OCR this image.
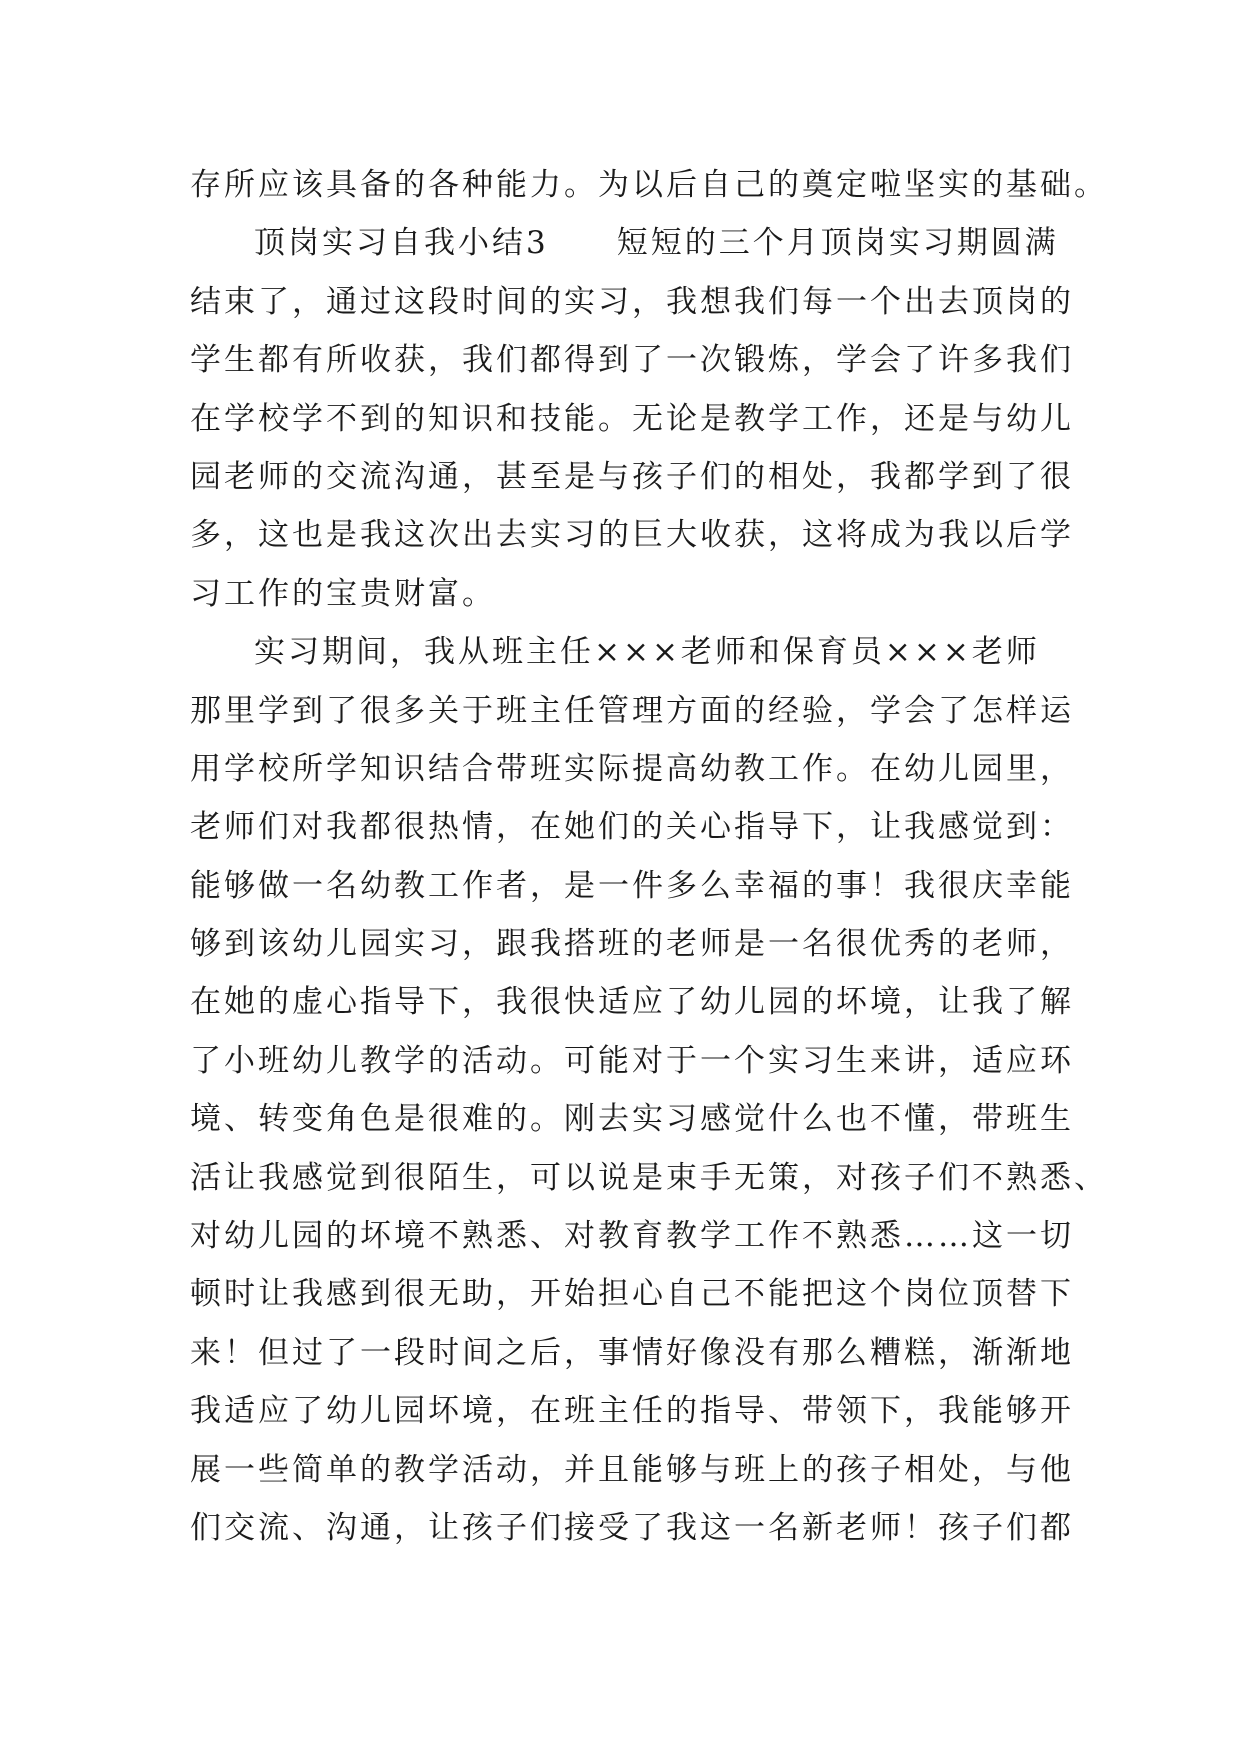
存所应该具备的各种能力。为以后自己的奠定啦坚实的基础。
顶岗实习自我小结3　　短短的三个月顶岗实习期圆满
结束了，通过这段时间的实习，我想我们每一个出去顶岗的
学生都有所收获，我们都得到了一次锻炼，学会了许多我们
在学校学不到的知识和技能。无论是教学工作，还是与幼儿
园老师的交流沟通，甚至是与孩子们的相处，我都学到了很
多，这也是我这次出去实习的巨大收获，这将成为我以后学
习工作的宝贵财富。
实习期间，我从班主任×××老师和保育员×××老师
那里学到了很多关于班主任管理方面的经验，学会了怎样运
用学校所学知识结合带班实际提高幼教工作。在幼儿园里，
老师们对我都很热情，在她们的关心指导下，让我感觉到：
能够做一名幼教工作者，是一件多么幸福的事！我很庆幸能
够到该幼儿园实习，跟我搭班的老师是一名很优秀的老师，
在她的虚心指导下，我很快适应了幼儿园的坏境，让我了解
了小班幼儿教学的活动。可能对于一个实习生来讲，适应环
境、转变角色是很难的。刚去实习感觉什么也不懂，带班生
活让我感觉到很陌生，可以说是束手无策，对孩子们不熟悉、
对幼儿园的坏境不熟悉、对教育教学工作不熟悉……这一切
顿时让我感到很无助，开始担心自己不能把这个岗位顶替下
来！但过了一段时间之后，事情好像没有那么糟糕，渐渐地
我适应了幼儿园坏境，在班主任的指导、带领下，我能够开
展一些简单的教学活动，并且能够与班上的孩子相处，与他
们交流、沟通，让孩子们接受了我这一名新老师！孩子们都
